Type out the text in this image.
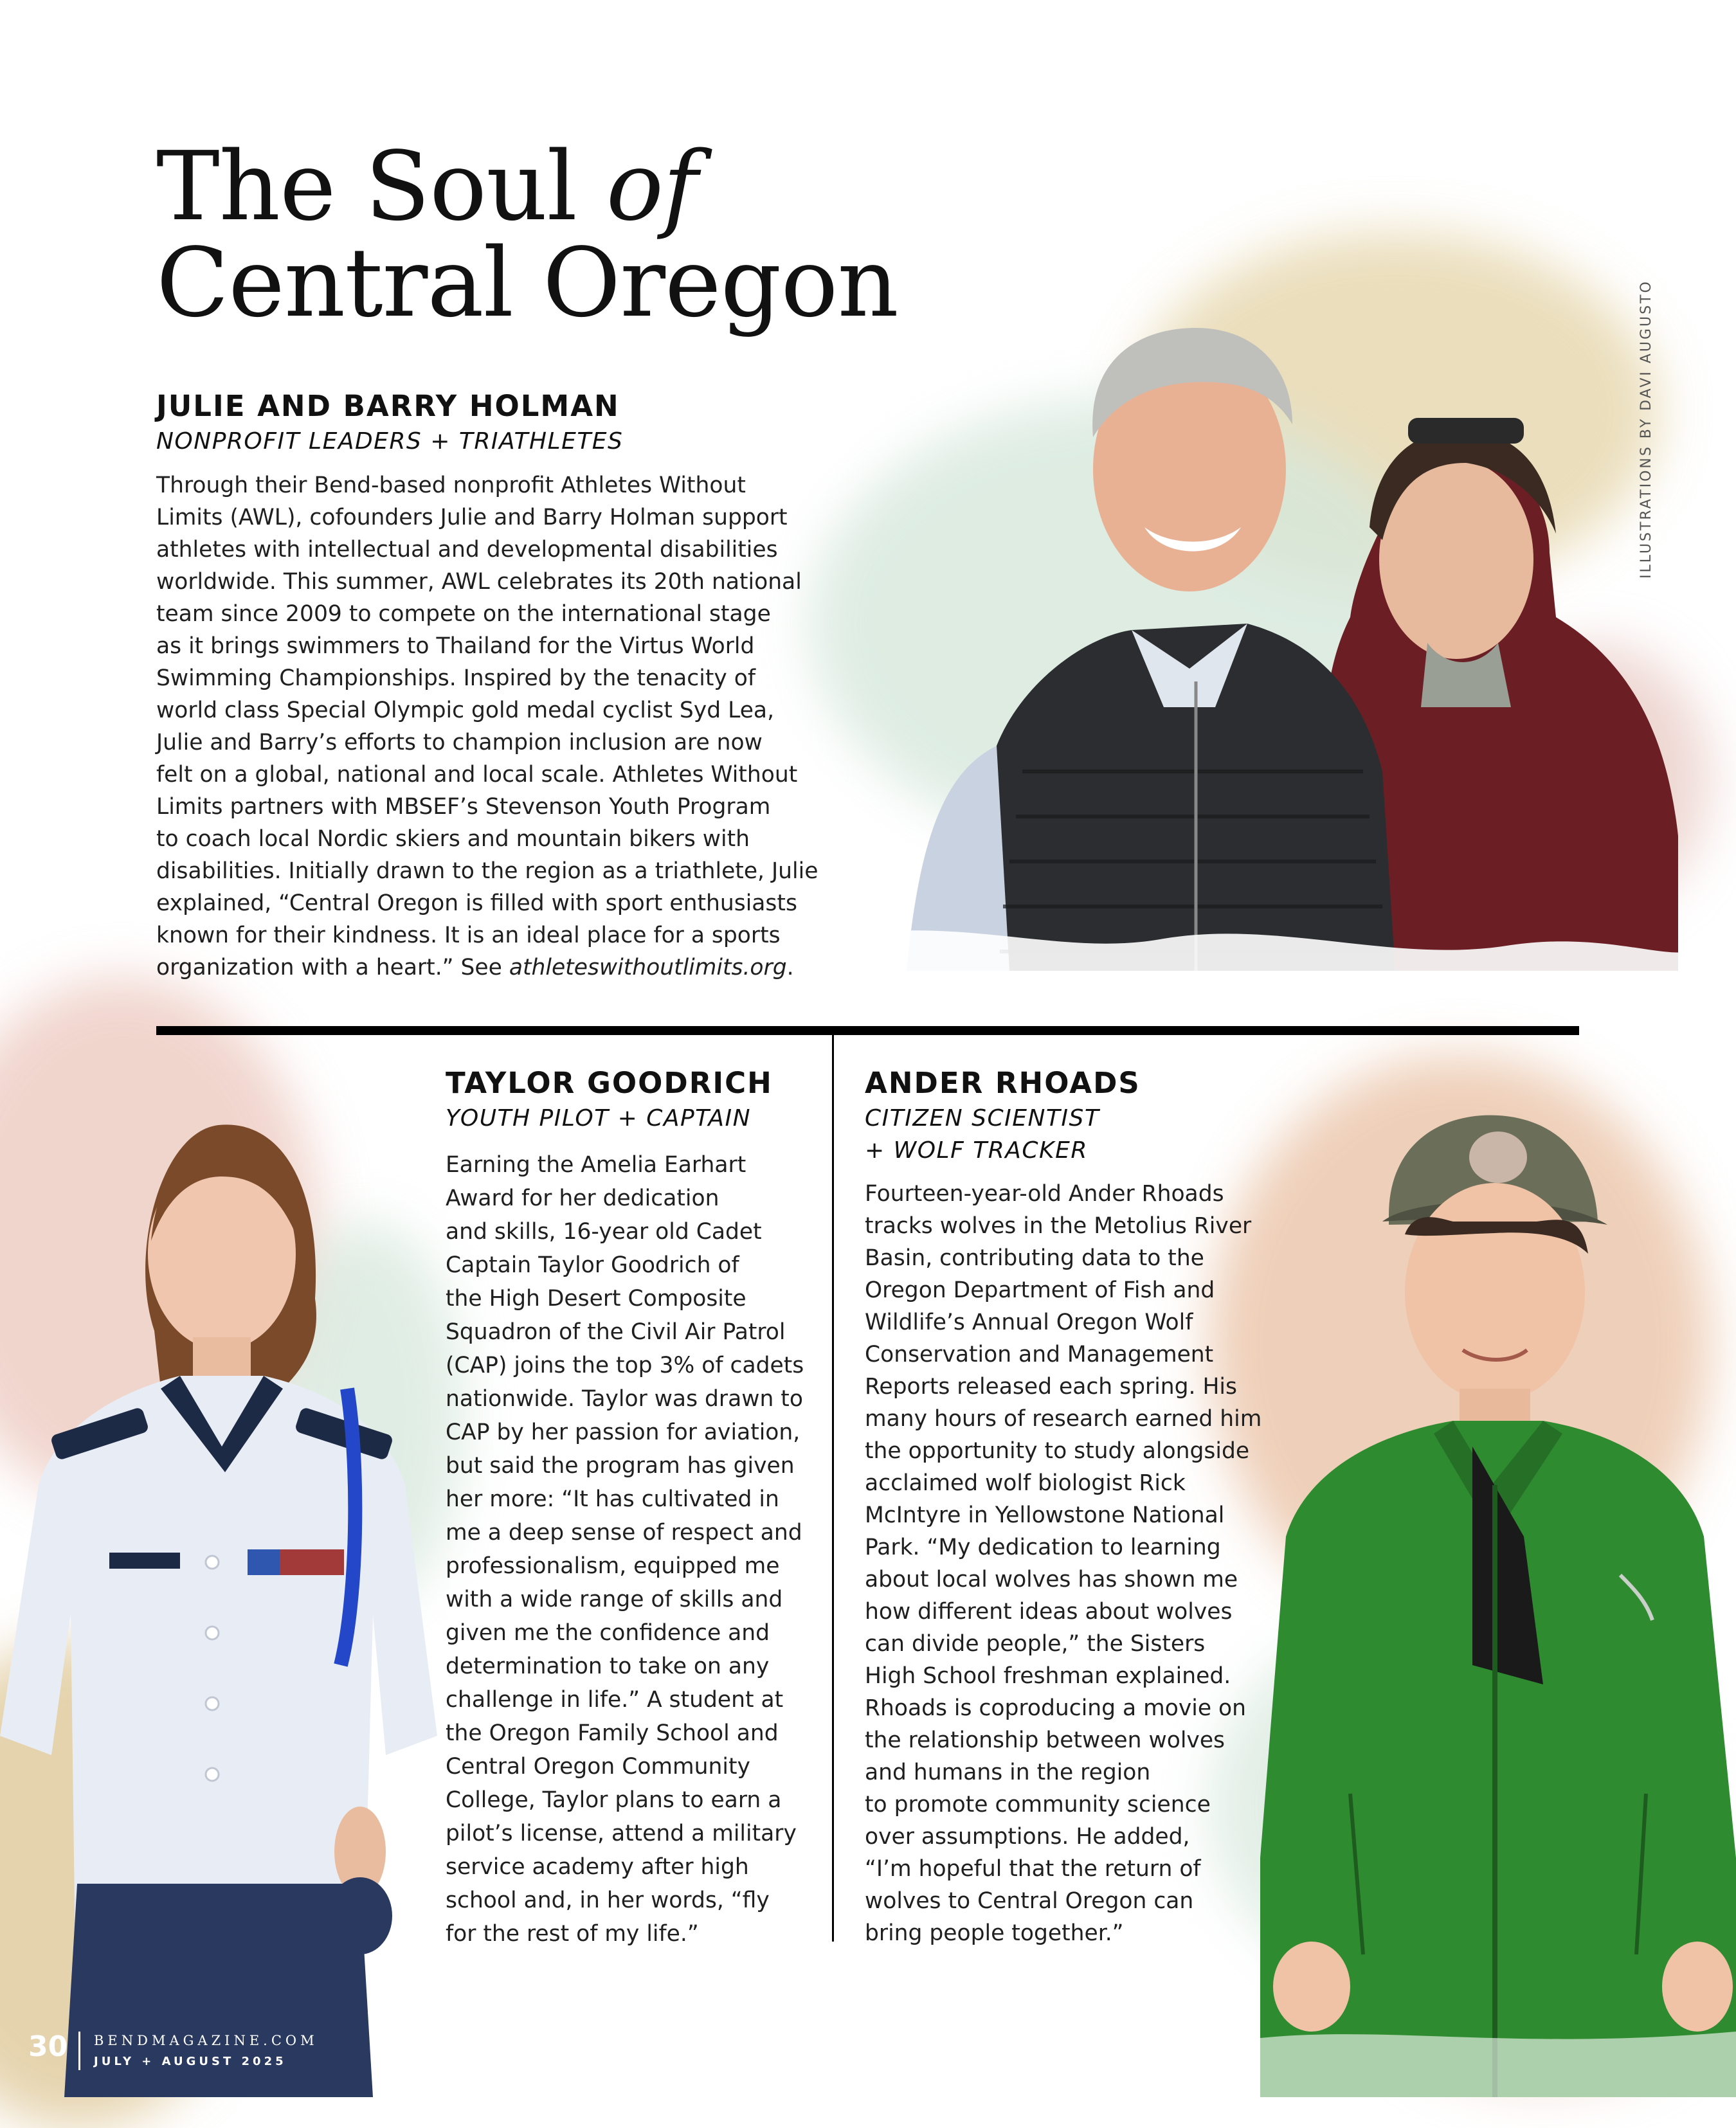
The Soul of
Central Oregon	ILLUSTRATIONS BY DAVI AUGUSTO
JULIE AND BARRY HOLMAN
NONPROFIT LEADERS + TRIATHLETES
Through their Bend-based nonprofit Athletes Without
Limits (AWL), cofounders Julie and Barry Holman support
athletes with intellectual and developmental disabilities
worldwide. This summer, AWL celebrates its 20th national
team since 2009 to compete on the international stage
as it brings swimmers to Thailand for the Virtus World
Swimming Championships. Inspired by the tenacity of
world class Special Olympic gold medal cyclist Syd Lea,
Julie and Barry’s efforts to champion inclusion are now
felt on a global, national and local scale. Athletes Without
Limits partners with MBSEF’s Stevenson Youth Program
to coach local Nordic skiers and mountain bikers with
disabilities. Initially drawn to the region as a triathlete, Julie
explained, “Central Oregon is filled with sport enthusiasts
known for their kindness. It is an ideal place for a sports
organization with a heart.” See athleteswithoutlimits.org.
TAYLOR GOODRICH
YOUTH PILOT + CAPTAIN
Earning the Amelia Earhart
Award for her dedication
and skills, 16-year old Cadet
Captain Taylor Goodrich of
the High Desert Composite
Squadron of the Civil Air Patrol
(CAP) joins the top 3% of cadets
nationwide. Taylor was drawn to
CAP by her passion for aviation,
but said the program has given
her more: “It has cultivated in
me a deep sense of respect and
professionalism, equipped me
with a wide range of skills and
given me the confidence and
determination to take on any
challenge in life.” A student at
the Oregon Family School and
Central Oregon Community
College, Taylor plans to earn a
pilot’s license, attend a military
service academy after high
school and, in her words, “fly
for the rest of my life.”
ANDER RHOADS
CITIZEN SCIENTIST
+ WOLF TRACKER
Fourteen-year-old Ander Rhoads
tracks wolves in the Metolius River
Basin, contributing data to the
Oregon Department of Fish and
Wildlife’s Annual Oregon Wolf
Conservation and Management
Reports released each spring. His
many hours of research earned him
the opportunity to study alongside
acclaimed wolf biologist Rick
McIntyre in Yellowstone National
Park. “My dedication to learning
about local wolves has shown me
how different ideas about wolves
can divide people,” the Sisters
High School freshman explained.
Rhoads is coproducing a movie on
the relationship between wolves
and humans in the region
to promote community science
over assumptions. He added,
“I’m hopeful that the return of
wolves to Central Oregon can
bring people together.”
30 BENDMAGAZINE.COM
JULY + AUGUST 2025
